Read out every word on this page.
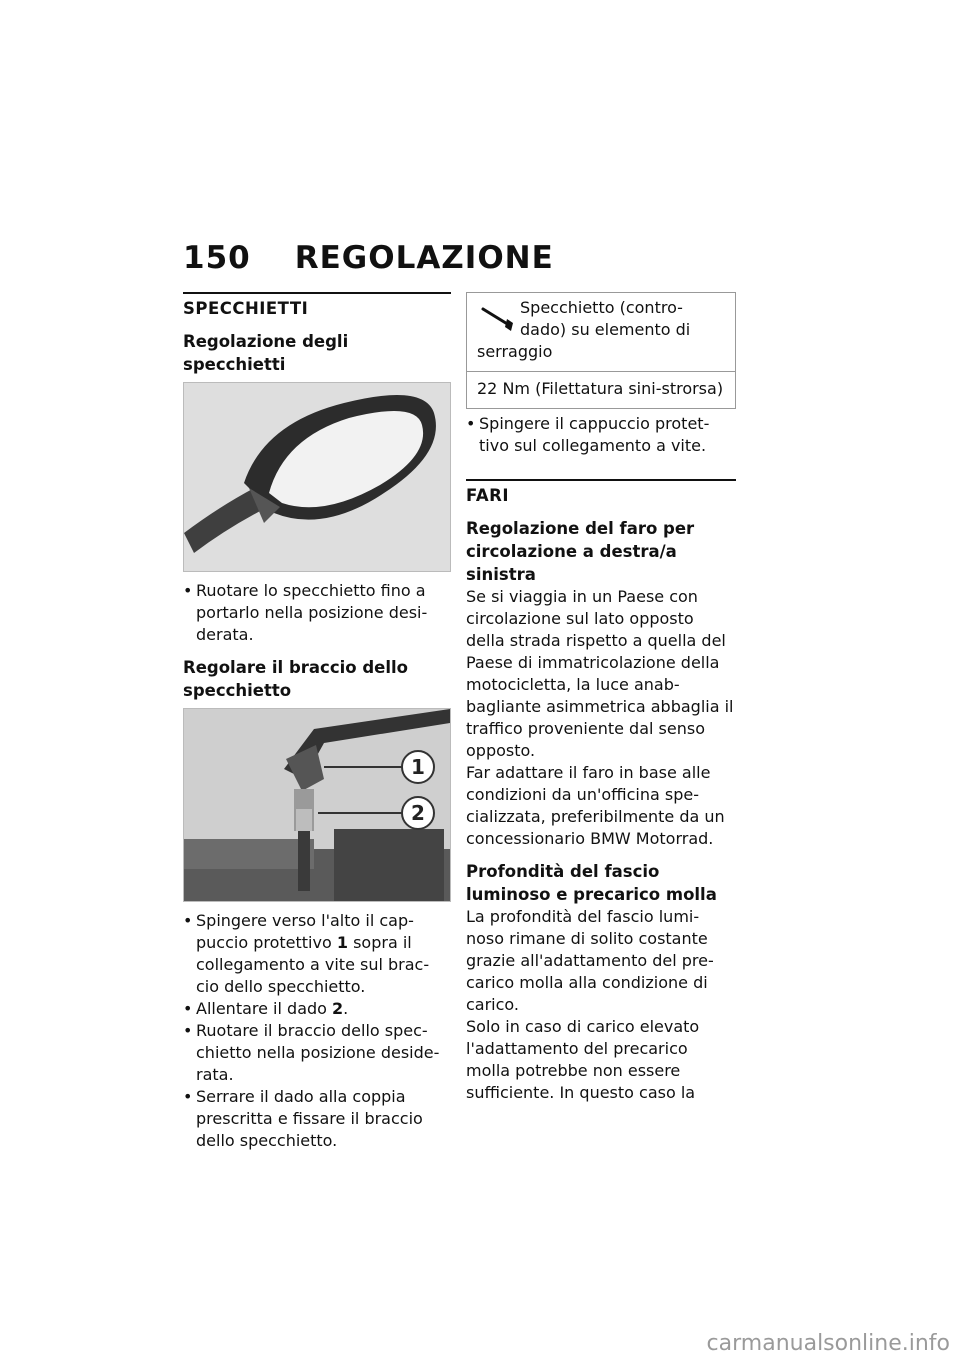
150 REGOLAZIONE
SPECCHIETTI
Regolazione degli specchietti
• Ruotare lo specchietto fino a portarlo nella posizione desi-derata.
Regolare il braccio dello specchietto
1
2
• Spingere verso l'alto il cap-puccio protettivo 1 sopra il collegamento a vite sul brac-cio dello specchietto.
• Allentare il dado 2.
• Ruotare il braccio dello spec-chietto nella posizione deside-rata.
• Serrare il dado alla coppia prescritta e fissare il braccio dello specchietto.
Specchietto (contro-
dado) su elemento di
serraggio
22 Nm (Filettatura sini-strorsa)
• Spingere il cappuccio protet-tivo sul collegamento a vite.
FARI
Regolazione del faro per circolazione a destra/a sinistra

Se si viaggia in un Paese con circolazione sul lato opposto della strada rispetto a quella del Paese di immatricolazione della motocicletta, la luce anab-bagliante asimmetrica abbaglia il traffico proveniente dal senso opposto.

Far adattare il faro in base alle condizioni da un'officina spe-cializzata, preferibilmente da un concessionario BMW Motorrad.

Profondità del fascio luminoso e precarico molla

La profondità del fascio lumi-noso rimane di solito costante grazie all'adattamento del pre-carico molla alla condizione di carico.

Solo in caso di carico elevato l'adattamento del precarico molla potrebbe non essere sufficiente. In questo caso la

carmanualsonline.info
